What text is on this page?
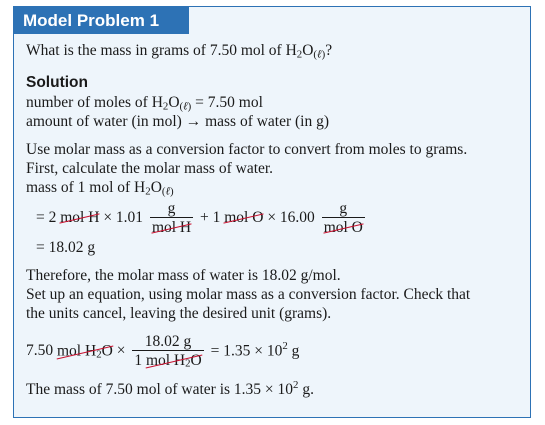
Model Problem 1
What is the mass in grams of 7.50 mol of $H_2O_{(\ell)}$?
Solution
number of moles of $H_2O_{(\ell)} = 7.50$ mol
amount of water (in mol) → mass of water (in g)
Use molar mass as a conversion factor to convert from moles to grams.
First, calculate the molar mass of water.
mass of 1 mol of $H_2O_{(\ell)}$
= 2 mol $H \times 1.01 \frac{g}{\text{mol H}} + 1$ mol $O \times 16.00 \frac{g}{\text{mol O}}$
= 18.02 g
Therefore, the molar mass of water is 18.02 g/mol.
Set up an equation, using molar mass as a conversion factor. Check that
the units cancel, leaving the desired unit (grams).
7.50 mol $H_2O \times \frac{18.02 g}{1 mol H_2O} = 1.35 \times 10^2$ g
The mass of 7.50 mol of water is $1.35 \times 10^2$ g.
